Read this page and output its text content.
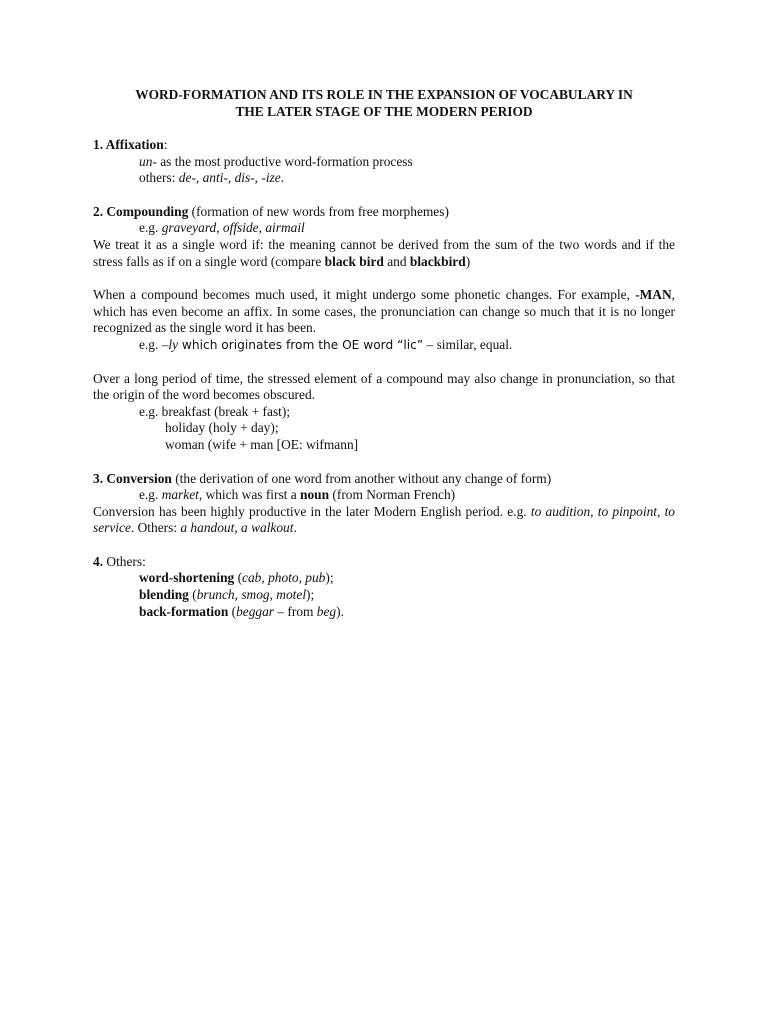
WORD-FORMATION AND ITS ROLE IN THE EXPANSION OF VOCABULARY IN
THE LATER STAGE OF THE MODERN PERIOD

1. Affixation:

un- as the most productive word-formation process

others: de-, anti-, dis-, -ize.

2. Compounding (formation of new words from free morphemes)

e.g. graveyard, offside, airmail

We treat it as a single word if: the meaning cannot be derived from the sum of the two words and if the stress falls as if on a single word (compare black bird and blackbird)

When a compound becomes much used, it might undergo some phonetic changes. For example, -MAN, which has even become an affix. In some cases, the pronunciation can change so much that it is no longer recognized as the single word it has been.

e.g. –ly which originates from the OE word “lic” – similar, equal.

Over a long period of time, the stressed element of a compound may also change in pronunciation, so that the origin of the word becomes obscured.

e.g. breakfast (break + fast);

holiday (holy + day);

woman (wife + man [OE: wifmann]

3. Conversion (the derivation of one word from another without any change of form)

e.g. market, which was first a noun (from Norman French)

Conversion has been highly productive in the later Modern English period. e.g. to audition, to pinpoint, to service. Others: a handout, a walkout.

4. Others:

word-shortening (cab, photo, pub);

blending (brunch, smog, motel);

back-formation (beggar – from beg).
